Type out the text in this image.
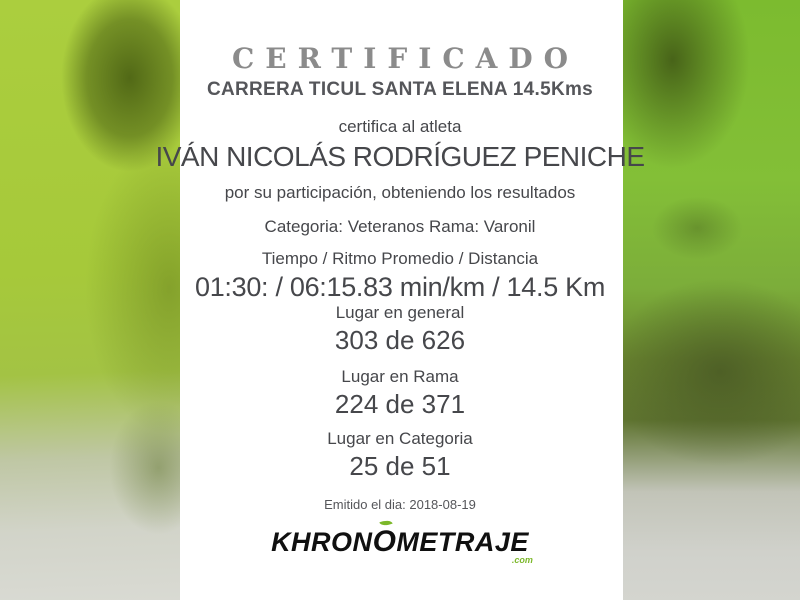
CERTIFICADO
CARRERA TICUL SANTA ELENA 14.5Kms
certifica al atleta
IVÁN NICOLÁS RODRÍGUEZ PENICHE
por su participación, obteniendo los resultados
Categoria: Veteranos Rama: Varonil
Tiempo / Ritmo Promedio / Distancia
01:30: / 06:15.83 min/km / 14.5 Km
Lugar en general
303 de 626
Lugar en Rama
224 de 371
Lugar en Categoria
25 de 51
Emitido el dia: 2018-08-19
KHRON
OMETRAJE
.com
